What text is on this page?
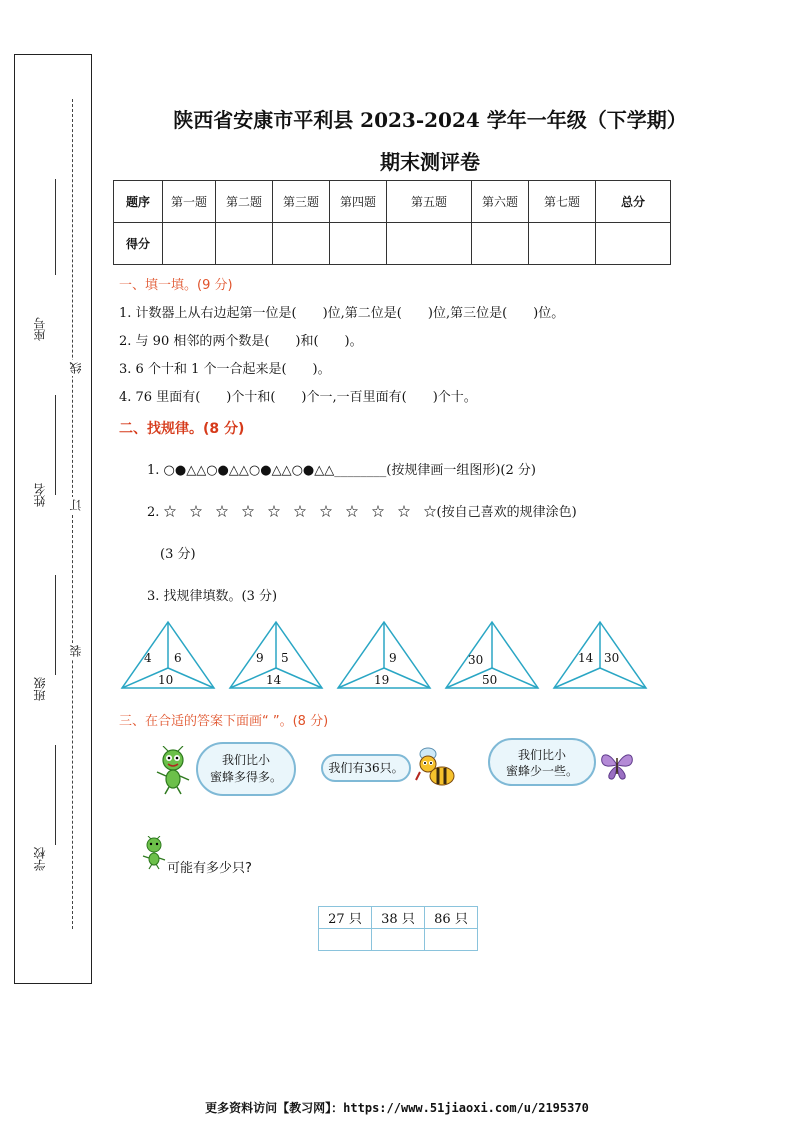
座号
线
姓名 订
装
班级
学校
陕西省安康市平利县 2023-2024 学年一年级（下学期）
期末测评卷
题序	第一题	第二题	第三题	第四题	第五题	第六题	第七题	总分
得分								
一、填一填。(9 分)
1. 计数器上从右边起第一位是(　　)位,第二位是(　　)位,第三位是(　　)位。
2. 与 90 相邻的两个数是(　　)和(　　)。
3. 6 个十和 1 个一合起来是(　　)。
4. 76 里面有(　　)个十和(　　)个一,一百里面有(　　)个十。
二、找规律。(8 分)
1. ○●△△○●△△○●△△○●△△________(按规律画一组图形)(2 分)
2. ☆　☆　☆　☆　☆　☆　☆　☆　☆　☆　☆(按自己喜欢的规律涂色)
(3 分)
3. 找规律填数。(3 分)
4 6
10
9 5
14
9
19
30
50
14 30
三、在合适的答案下面画“ ”。(8 分)
我们比小
蜜蜂多得多。
我们有36只。
我们比小
蜜蜂少一些。
可能有多少只?
27 只	38 只	86 只

更多资料访问【教习网】：https://www.51jiaoxi.com/u/2195370
